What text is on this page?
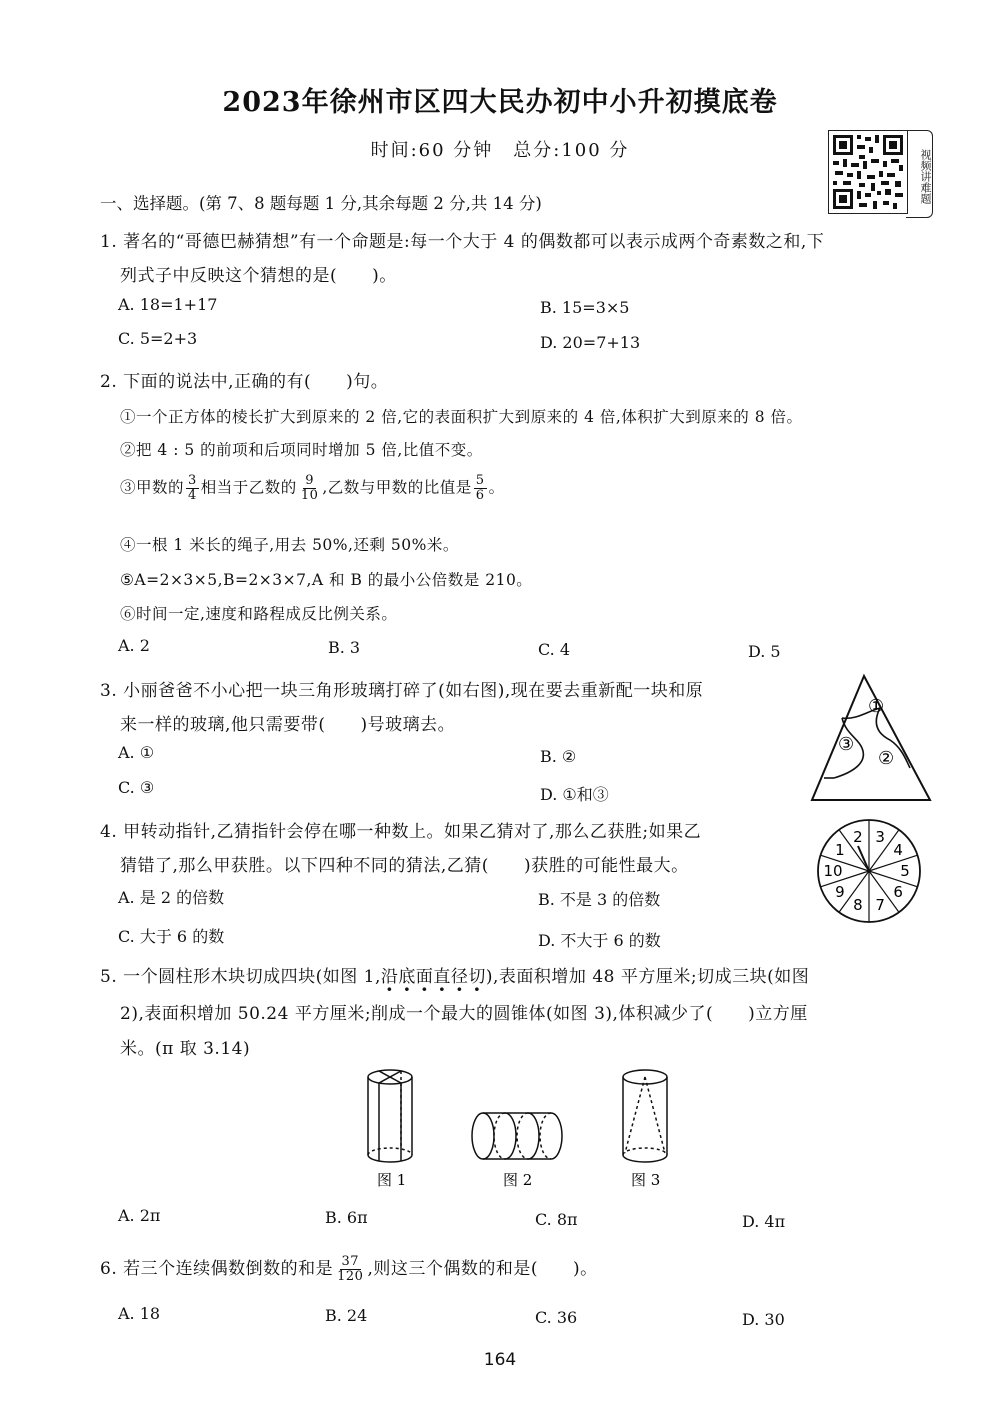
2023年徐州市区四大民办初中小升初摸底卷
时间:60 分钟　总分:100 分	视频讲难题
一、选择题。(第 7、8 题每题 1 分,其余每题 2 分,共 14 分)
1. 著名的“哥德巴赫猜想”有一个命题是:每一个大于 4 的偶数都可以表示成两个奇素数之和,下
列式子中反映这个猜想的是(　　)。
A. 18=1+17	B. 15=3×5
C. 5=2+3	D. 20=7+13
2. 下面的说法中,正确的有(　　)句。
①一个正方体的棱长扩大到原来的 2 倍,它的表面积扩大到原来的 4 倍,体积扩大到原来的 8 倍。
②把 4 : 5 的前项和后项同时增加 5 倍,比值不变。
③甲数的 $\frac{3}{4}$ 相当于乙数的 $\frac{9}{10}$ ,乙数与甲数的比值是 $\frac{5}{6}$ 。
④一根 1 米长的绳子,用去 50%,还剩 50%米。
⑤A=2×3×5,B=2×3×7,A 和 B 的最小公倍数是 210。
⑥时间一定,速度和路程成反比例关系。
A. 2	B. 3	C. 4	D. 5
3. 小丽爸爸不小心把一块三角形玻璃打碎了(如右图),现在要去重新配一块和原
来一样的玻璃,他只需要带(　　)号玻璃去。
A. ①	B. ②
C. ③	D. ①和③
①
③
②
4. 甲转动指针,乙猜指针会停在哪一种数上。如果乙猜对了,那么乙获胜;如果乙
猜错了,那么甲获胜。以下四种不同的猜法,乙猜(　　)获胜的可能性最大。
A. 是 2 的倍数	B. 不是 3 的倍数
C. 大于 6 的数	D. 不大于 6 的数
3
4
5
6
7
8
9
10
1
2
5. 一个圆柱形木块切成四块(如图 1,沿底面直径切),表面积增加 48 平方厘米;切成三块(如图
2),表面积增加 50.24 平方厘米;削成一个最大的圆锥体(如图 3),体积减少了(　　)立方厘
米。(π 取 3.14)
图 1	图 2	图 3
A. 2π	B. 6π	C. 8π	D. 4π
6. 若三个连续偶数倒数的和是 $\frac{37}{120}$ ,则这三个偶数的和是(　　)。
A. 18	B. 24	C. 36	D. 30
164
